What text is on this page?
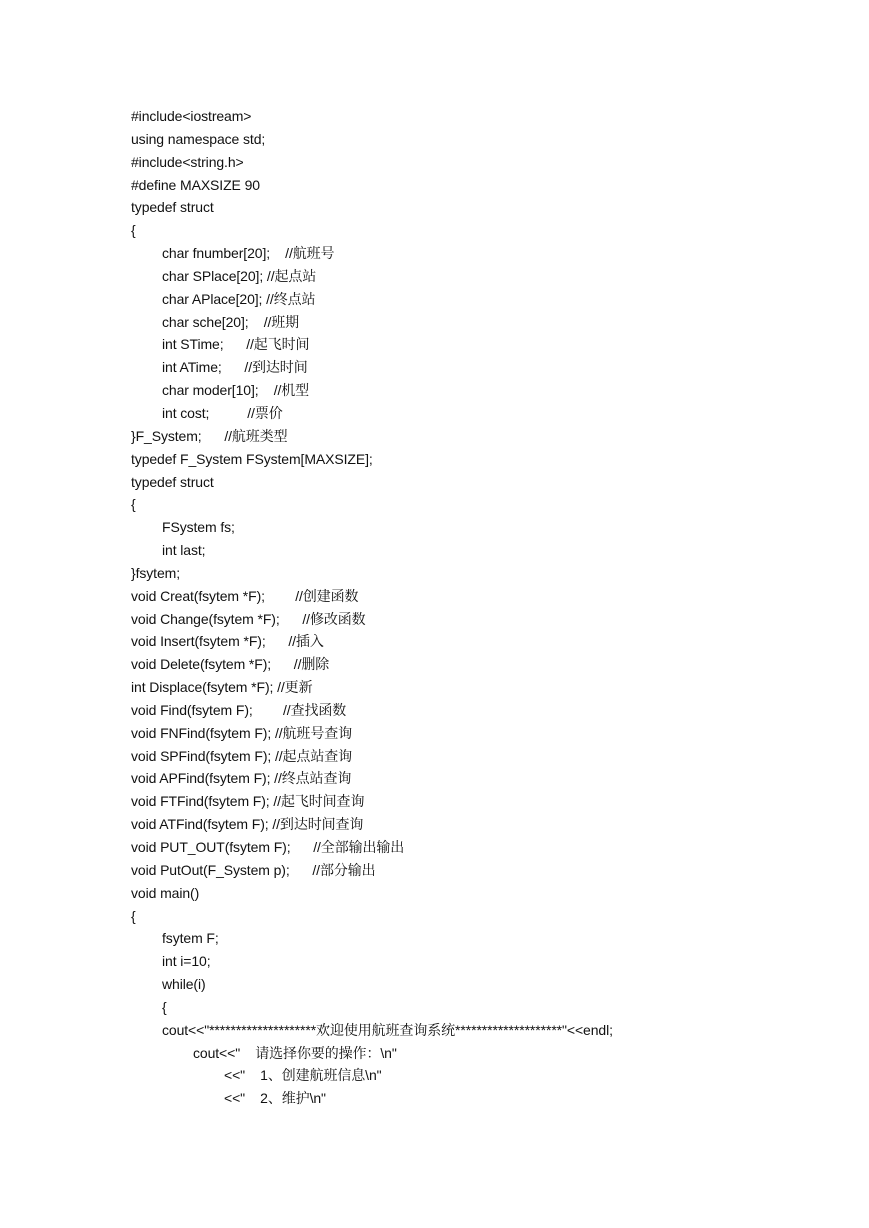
#include<iostream>
using namespace std;
#include<string.h>
#define MAXSIZE 90
typedef struct
{
char fnumber[20];    //航班号
char SPlace[20]; //起点站
char APlace[20]; //终点站
char sche[20];    //班期
int STime;      //起飞时间
int ATime;      //到达时间
char moder[10];    //机型
int cost;          //票价
}F_System;      //航班类型
typedef F_System FSystem[MAXSIZE];
typedef struct
{
FSystem fs;
int last;
}fsytem;
void Creat(fsytem *F);        //创建函数
void Change(fsytem *F);      //修改函数
void Insert(fsytem *F);      //插入
void Delete(fsytem *F);      //删除
int Displace(fsytem *F); //更新
void Find(fsytem F);        //查找函数
void FNFind(fsytem F); //航班号查询
void SPFind(fsytem F); //起点站查询
void APFind(fsytem F); //终点站查询
void FTFind(fsytem F); //起飞时间查询
void ATFind(fsytem F); //到达时间查询
void PUT_OUT(fsytem F);      //全部输出输出
void PutOut(F_System p);      //部分输出
void main()
{
fsytem F;
int i=10;
while(i)
{
cout<<"********************欢迎使用航班查询系统********************"<<endl;
cout<<"    请选择你要的操作：\n"
<<"    1、创建航班信息\n"
<<"    2、维护\n"
